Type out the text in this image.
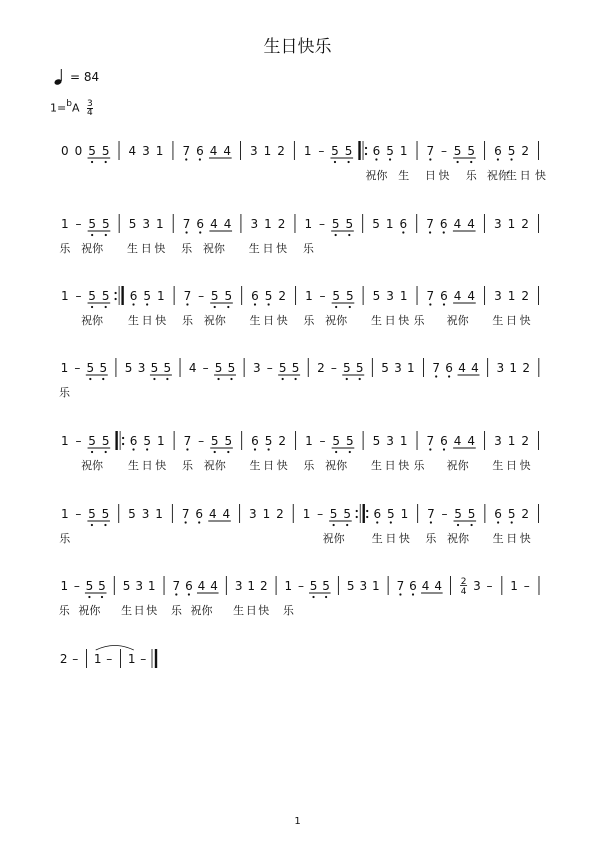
生日快乐
= 84
$1=^bA \frac{3}{4}$
0 0 5 5 4 3 1 7 6 4 4 3 1 2 1 – 5 5 6
祝你
5 1
生
7
日
–
快
5 5
乐
6
祝你
5
生
2
日 快
1
乐
– 5
祝你
5 5
生
3
日
1
快
7
乐
6 4
祝你
4 3
生
1
日
2
快
1
乐
– 5 5 5 1 6 7 6 4 4 3 1 2
1 – 5
祝你
5 6
生
5
日
1
快
7
乐
– 5
祝你
5 6
生
5
日
2
快
1
乐
– 5
祝你
5 5
生
3
日
1
快 乐
7 6 4
祝你
4 3
生
1
日
2
快
1
乐
– 5 5 5 3 5 5 4 – 5 5 3 – 5 5 2 – 5 5 5 3 1 7 6 4 4 3 1 2
1 – 5
祝你
5 6
生
5
日
1
快
7
乐
– 5
祝你
5 6
生
5
日
2
快
1
乐
– 5
祝你
5 5
生
3
日
1
快 乐
7 6 4
祝你
4 3
生
1
日
2
快
1
乐
– 5 5 5 3 1 7 6 4 4 3 1 2 1 – 5
祝你
5 6
生
5
日
1
快
7
乐
– 5
祝你
5 6
生
5
日
2
快
1
乐
– 5
祝你
5 5
生
3
日
1
快
7
乐
6 4
祝你
4 3
生
1
日
2
快
1
乐
– 5 5 5 3 1 7 6 4 4 2
4 3 – 1 –
2 – 1 – 1 –
1
